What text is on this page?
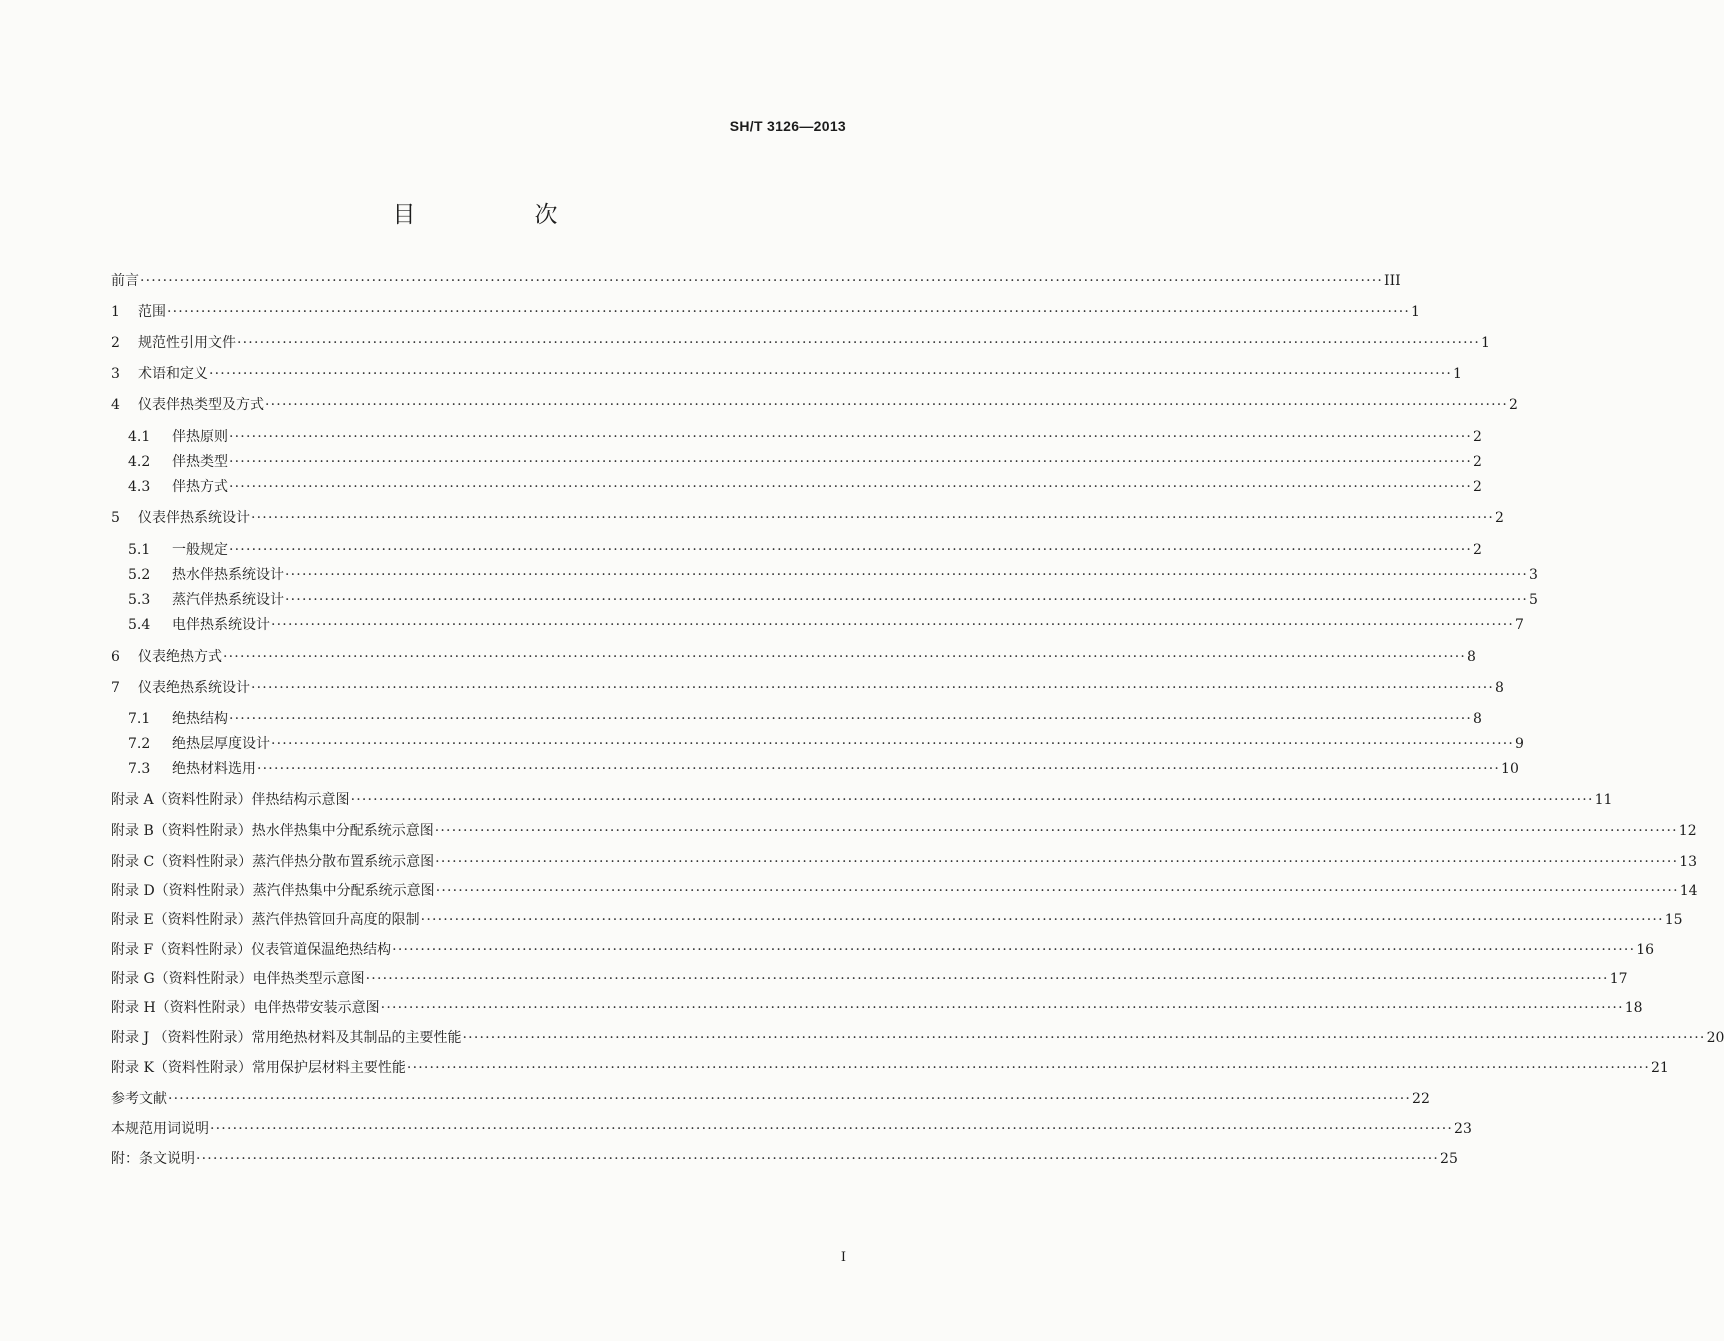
SH/T 3126—2013
目　次
前言 ···························································································································································································································· III
1	范围 ···························································································································································································································· 1
2	规范性引用文件 ···························································································································································································································· 1
3	术语和定义 ···························································································································································································································· 1
4	仪表伴热类型及方式 ···························································································································································································································· 2
4.1	伴热原则 ···························································································································································································································· 2
4.2	伴热类型 ···························································································································································································································· 2
4.3	伴热方式 ···························································································································································································································· 2
5	仪表伴热系统设计 ···························································································································································································································· 2
5.1	一般规定 ···························································································································································································································· 2
5.2	热水伴热系统设计 ···························································································································································································································· 3
5.3	蒸汽伴热系统设计 ···························································································································································································································· 5
5.4	电伴热系统设计 ···························································································································································································································· 7
6	仪表绝热方式 ···························································································································································································································· 8
7	仪表绝热系统设计 ···························································································································································································································· 8
7.1	绝热结构 ···························································································································································································································· 8
7.2	绝热层厚度设计 ···························································································································································································································· 9
7.3	绝热材料选用 ···························································································································································································································· 10
附录 A（资料性附录）伴热结构示意图 ···························································································································································································································· 11
附录 B（资料性附录）热水伴热集中分配系统示意图 ···························································································································································································································· 12
附录 C（资料性附录）蒸汽伴热分散布置系统示意图 ···························································································································································································································· 13
附录 D（资料性附录）蒸汽伴热集中分配系统示意图 ···························································································································································································································· 14
附录 E（资料性附录）蒸汽伴热管回升高度的限制 ···························································································································································································································· 15
附录 F（资料性附录）仪表管道保温绝热结构 ···························································································································································································································· 16
附录 G（资料性附录）电伴热类型示意图 ···························································································································································································································· 17
附录 H（资料性附录）电伴热带安装示意图 ···························································································································································································································· 18
附录 J （资料性附录）常用绝热材料及其制品的主要性能 ···························································································································································································································· 20
附录 K（资料性附录）常用保护层材料主要性能 ···························································································································································································································· 21
参考文献 ···························································································································································································································· 22
本规范用词说明 ···························································································································································································································· 23
附：条文说明 ···························································································································································································································· 25
I
